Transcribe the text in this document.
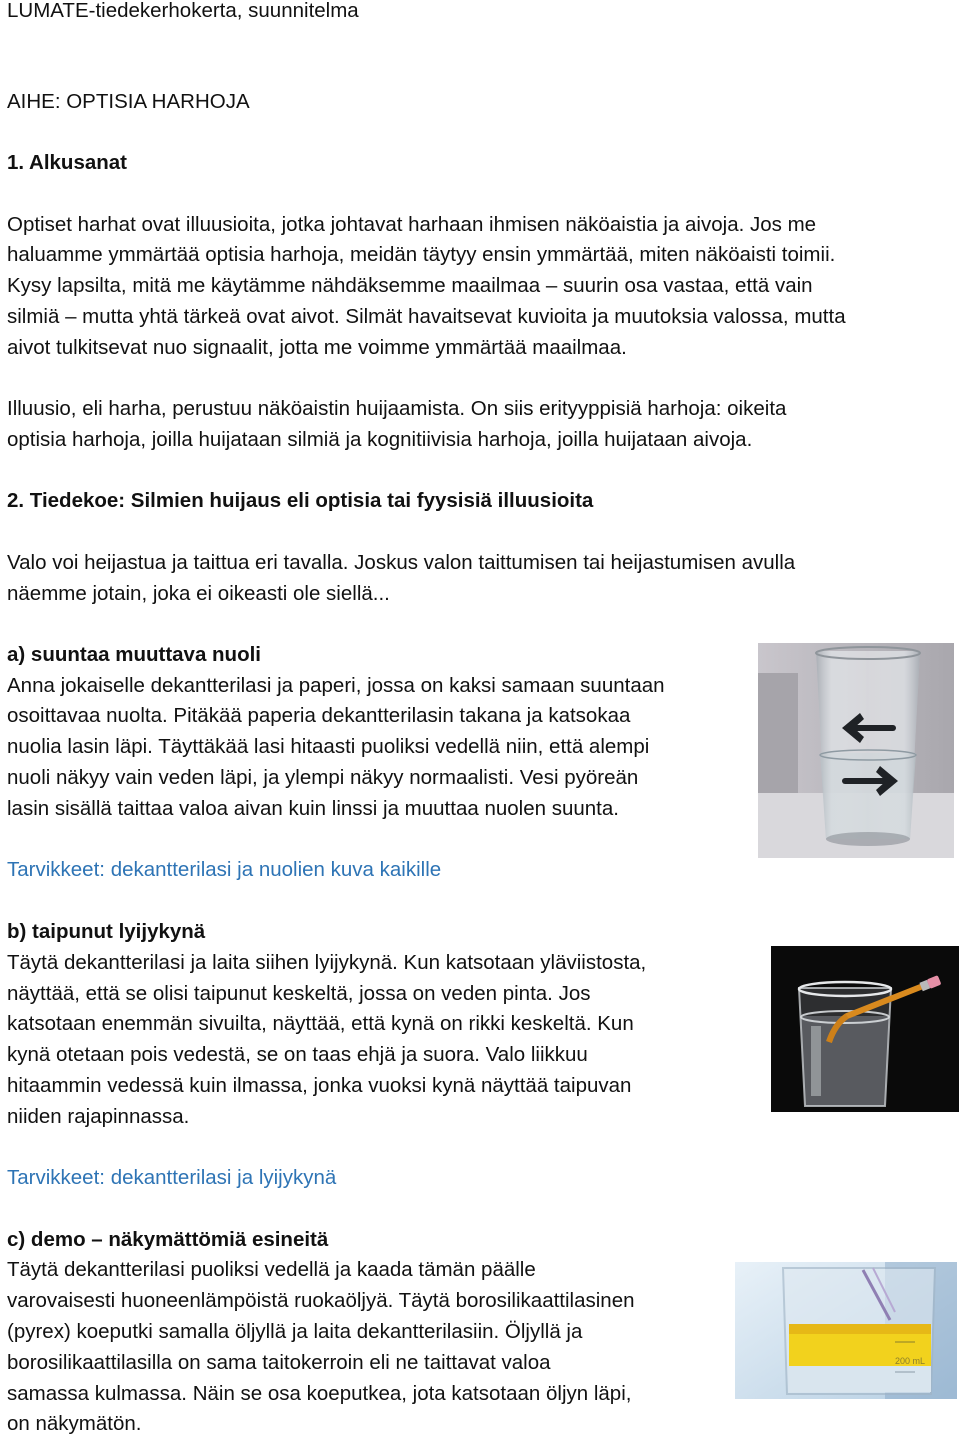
LUMATE-tiedekerhokerta, suunnitelma
AIHE: OPTISIA HARHOJA
1. Alkusanat
Optiset harhat ovat illuusioita, jotka johtavat harhaan ihmisen näköaistia ja aivoja. Jos me
haluamme ymmärtää optisia harhoja, meidän täytyy ensin ymmärtää, miten näköaisti toimii.
Kysy lapsilta, mitä me käytämme nähdäksemme maailmaa – suurin osa vastaa, että vain
silmiä – mutta yhtä tärkeä ovat aivot. Silmät havaitsevat kuvioita ja muutoksia valossa, mutta
aivot tulkitsevat nuo signaalit, jotta me voimme ymmärtää maailmaa.
Illuusio, eli harha, perustuu näköaistin huijaamista. On siis erityyppisiä harhoja: oikeita
optisia harhoja, joilla huijataan silmiä ja kognitiivisia harhoja, joilla huijataan aivoja.
2. Tiedekoe: Silmien huijaus eli optisia tai fyysisiä illuusioita
Valo voi heijastua ja taittua eri tavalla. Joskus valon taittumisen tai heijastumisen avulla
näemme jotain, joka ei oikeasti ole siellä...
a) suuntaa muuttava nuoli
Anna jokaiselle dekantterilasi ja paperi, jossa on kaksi samaan suuntaan
osoittavaa nuolta. Pitäkää paperia dekantterilasin takana ja katsokaa
nuolia lasin läpi. Täyttäkää lasi hitaasti puoliksi vedellä niin, että alempi
nuoli näkyy vain veden läpi, ja ylempi näkyy normaalisti. Vesi pyöreän
lasin sisällä taittaa valoa aivan kuin linssi ja muuttaa nuolen suunta.
Tarvikkeet: dekantterilasi ja nuolien kuva kaikille
b) taipunut lyijykynä
Täytä dekantterilasi ja laita siihen lyijykynä. Kun katsotaan yläviistosta,
näyttää, että se olisi taipunut keskeltä, jossa on veden pinta. Jos
katsotaan enemmän sivuilta, näyttää, että kynä on rikki keskeltä. Kun
kynä otetaan pois vedestä, se on taas ehjä ja suora. Valo liikkuu
hitaammin vedessä kuin ilmassa, jonka vuoksi kynä näyttää taipuvan
niiden rajapinnassa.
Tarvikkeet: dekantterilasi ja lyijykynä
c) demo – näkymättömiä esineitä
Täytä dekantterilasi puoliksi vedellä ja kaada tämän päälle
varovaisesti huoneenlämpöistä ruokaöljyä. Täytä borosilikaattilasinen
(pyrex) koeputki samalla öljyllä ja laita dekantterilasiin. Öljyllä ja
borosilikaattilasilla on sama taitokerroin eli ne taittavat valoa
samassa kulmassa. Näin se osa koeputkea, jota katsotaan öljyn läpi,
on näkymätön.
200 mL
